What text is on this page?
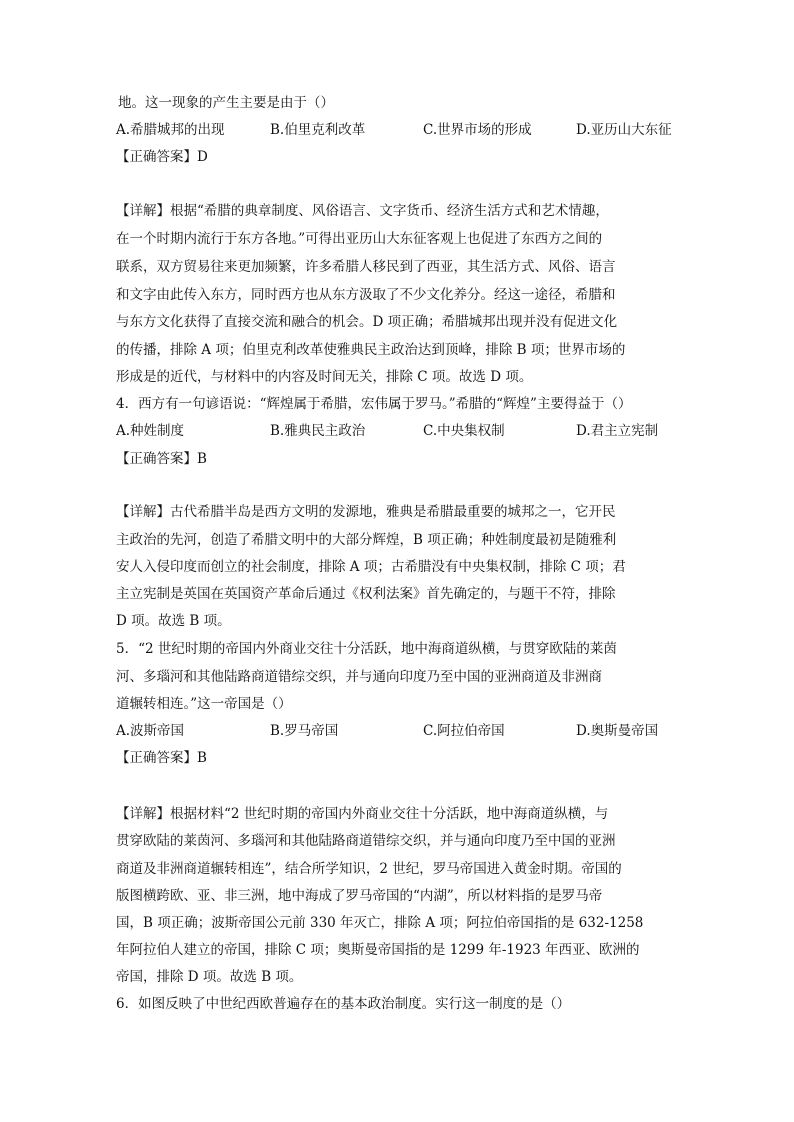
地。这一现象的产生主要是由于（）
A.希腊城邦的出现	B.伯里克利改革	C.世界市场的形成	D.亚历山大东征
【正确答案】D
【详解】根据“希腊的典章制度、风俗语言、文字货币、经济生活方式和艺术情趣，
在一个时期内流行于东方各地。”可得出亚历山大东征客观上也促进了东西方之间的
联系，双方贸易往来更加频繁，许多希腊人移民到了西亚，其生活方式、风俗、语言
和文字由此传入东方，同时西方也从东方汲取了不少文化养分。经这一途径，希腊和
与东方文化获得了直接交流和融合的机会。D 项正确；希腊城邦出现并没有促进文化
的传播，排除 A 项；伯里克利改革使雅典民主政治达到顶峰，排除 B 项；世界市场的
形成是的近代，与材料中的内容及时间无关，排除 C 项。故选 D 项。
4．西方有一句谚语说：“辉煌属于希腊，宏伟属于罗马。”希腊的“辉煌”主要得益于（）
A.种姓制度	B.雅典民主政治	C.中央集权制	D.君主立宪制
【正确答案】B
【详解】古代希腊半岛是西方文明的发源地，雅典是希腊最重要的城邦之一，它开民
主政治的先河，创造了希腊文明中的大部分辉煌，B 项正确；种姓制度最初是随雅利
安人入侵印度而创立的社会制度，排除 A 项；古希腊没有中央集权制，排除 C 项；君
主立宪制是英国在英国资产革命后通过《权利法案》首先确定的，与题干不符，排除
D 项。故选 B 项。
5．“2 世纪时期的帝国内外商业交往十分活跃，地中海商道纵横，与贯穿欧陆的莱茵
河、多瑙河和其他陆路商道错综交织，并与通向印度乃至中国的亚洲商道及非洲商
道辗转相连。”这一帝国是（）
A.波斯帝国	B.罗马帝国	C.阿拉伯帝国	D.奥斯曼帝国
【正确答案】B
【详解】根据材料“2 世纪时期的帝国内外商业交往十分活跃，地中海商道纵横，与
贯穿欧陆的莱茵河、多瑙河和其他陆路商道错综交织，并与通向印度乃至中国的亚洲
商道及非洲商道辗转相连”，结合所学知识，2 世纪，罗马帝国进入黄金时期。帝国的
版图横跨欧、亚、非三洲，地中海成了罗马帝国的“内湖”，所以材料指的是罗马帝
国，B 项正确；波斯帝国公元前 330 年灭亡，排除 A 项；阿拉伯帝国指的是 632-1258
年阿拉伯人建立的帝国，排除 C 项；奥斯曼帝国指的是 1299 年-1923 年西亚、欧洲的
帝国，排除 D 项。故选 B 项。
6．如图反映了中世纪西欧普遍存在的基本政治制度。实行这一制度的是（）
